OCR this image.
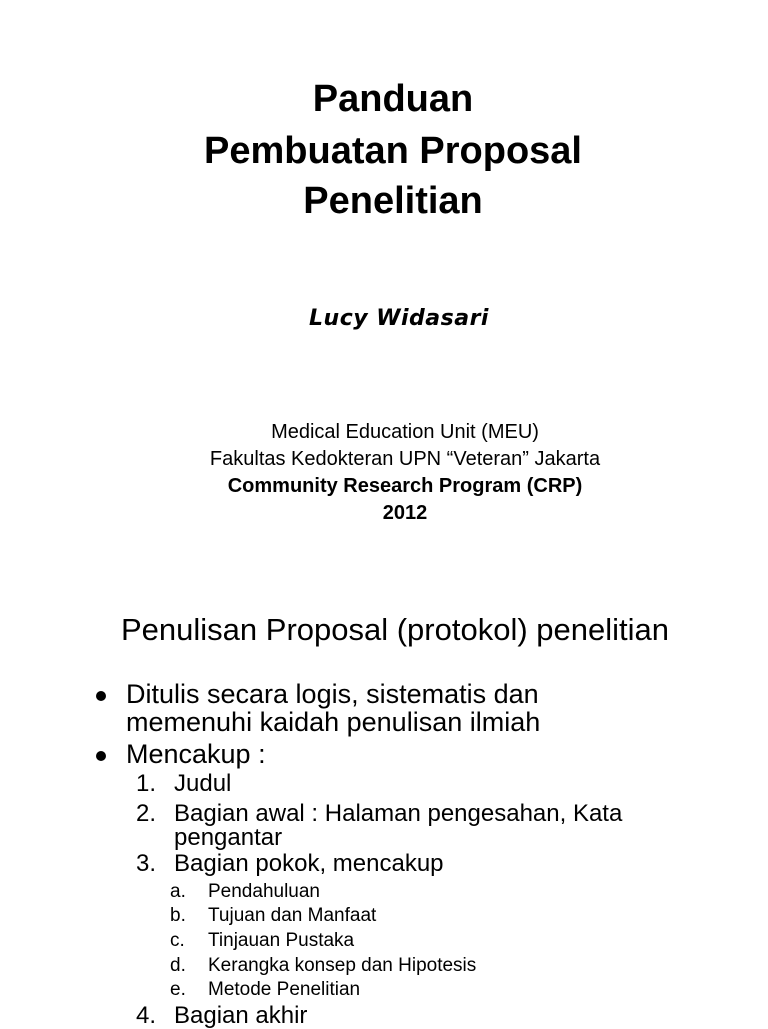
Panduan
Pembuatan Proposal
Penelitian
Lucy Widasari
Medical Education Unit (MEU)
Fakultas Kedokteran UPN “Veteran” Jakarta
Community Research Program (CRP)
2012
Penulisan Proposal (protokol) penelitian
Ditulis secara logis, sistematis dan
memenuhi kaidah penulisan ilmiah
Mencakup :
1. Judul
2. Bagian awal : Halaman pengesahan, Kata
pengantar
3. Bagian pokok, mencakup
a. Pendahuluan
b. Tujuan dan Manfaat
c. Tinjauan Pustaka
d. Kerangka konsep dan Hipotesis
e. Metode Penelitian
4. Bagian akhir
